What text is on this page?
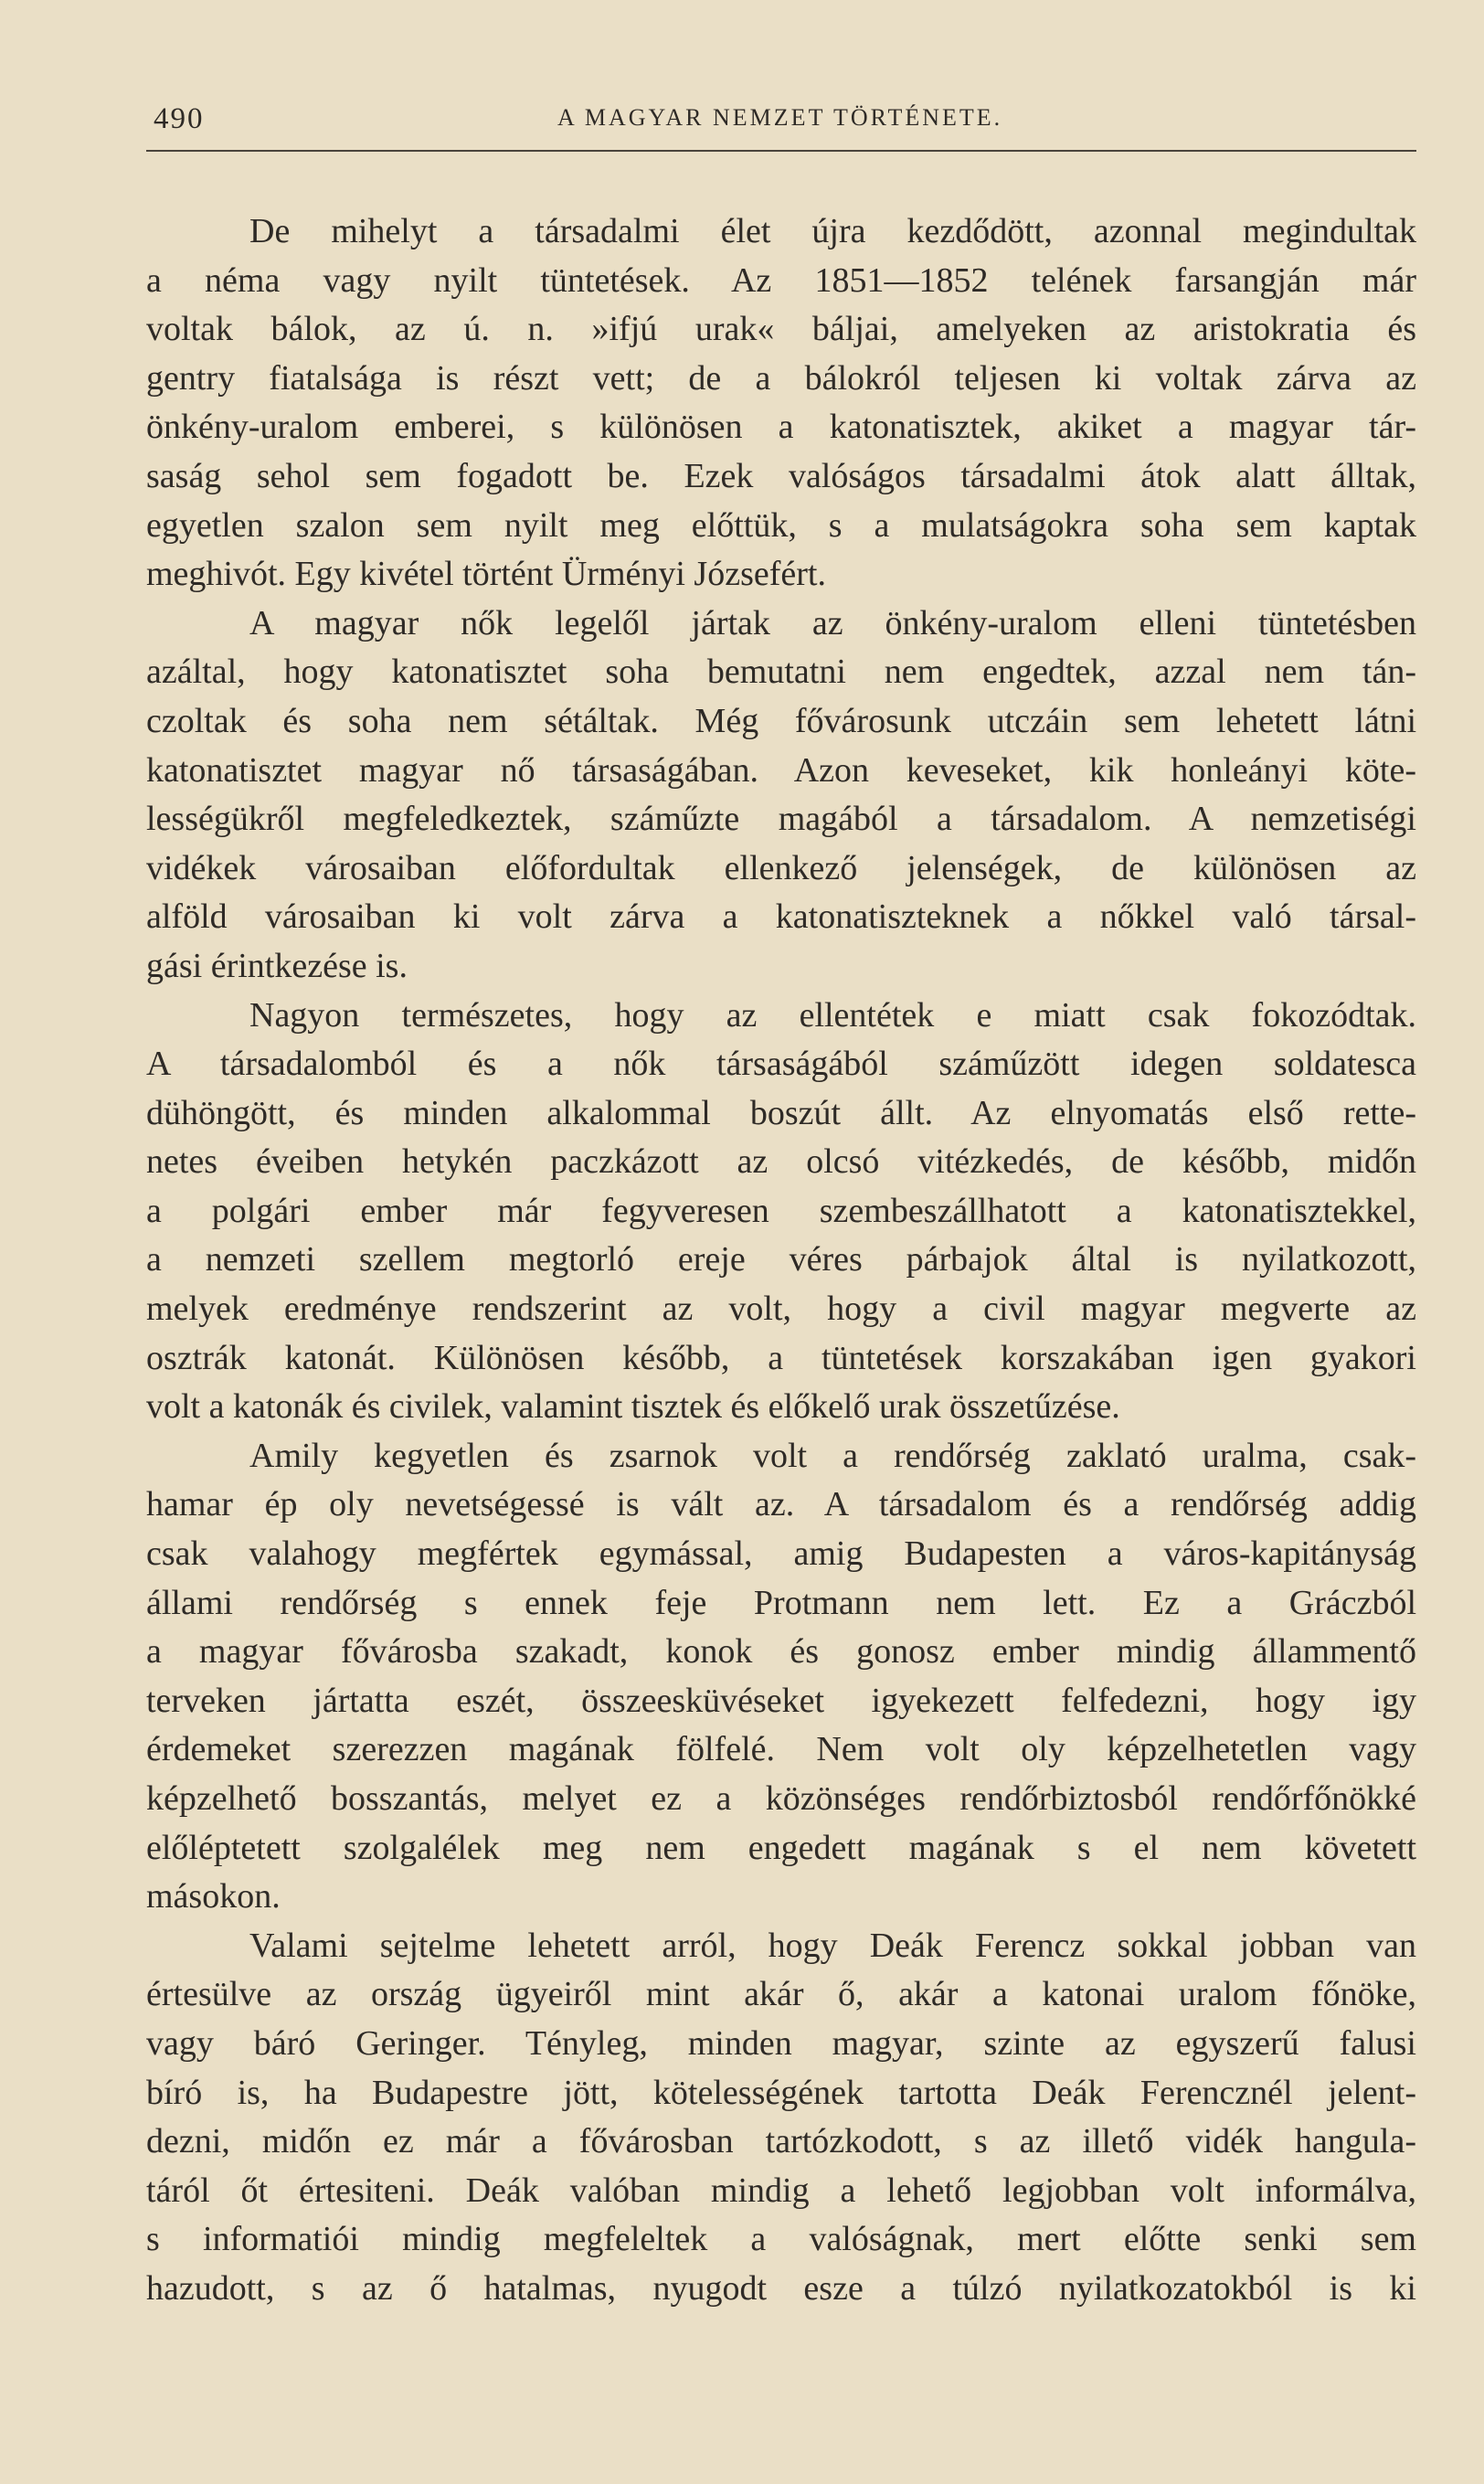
490	A MAGYAR NEMZET TÖRTÉNETE.
De mihelyt a társadalmi élet újra kezdődött, azonnal megindultak
a néma vagy nyilt tüntetések. Az 1851—1852 telének farsangján már
voltak bálok, az ú. n. »ifjú urak« báljai, amelyeken az aristokratia és
gentry fiatalsága is részt vett; de a bálokról teljesen ki voltak zárva az
önkény-uralom emberei, s különösen a katonatisztek, akiket a magyar tár-
saság sehol sem fogadott be. Ezek valóságos társadalmi átok alatt álltak,
egyetlen szalon sem nyilt meg előttük, s a mulatságokra soha sem kaptak
meghivót. Egy kivétel történt Ürményi Józsefért.
A magyar nők legelől jártak az önkény-uralom elleni tüntetésben
azáltal, hogy katonatisztet soha bemutatni nem engedtek, azzal nem tán-
czoltak és soha nem sétáltak. Még fővárosunk utczáin sem lehetett látni
katonatisztet magyar nő társaságában. Azon keveseket, kik honleányi köte-
lességükről megfeledkeztek, száműzte magából a társadalom. A nemzetiségi
vidékek városaiban előfordultak ellenkező jelenségek, de különösen az
alföld városaiban ki volt zárva a katonatiszteknek a nőkkel való társal-
gási érintkezése is.
Nagyon természetes, hogy az ellentétek e miatt csak fokozódtak.
A társadalomból és a nők társaságából száműzött idegen soldatesca
dühöngött, és minden alkalommal boszút állt. Az elnyomatás első rette-
netes éveiben hetykén paczkázott az olcsó vitézkedés, de később, midőn
a polgári ember már fegyveresen szembeszállhatott a katonatisztekkel,
a nemzeti szellem megtorló ereje véres párbajok által is nyilatkozott,
melyek eredménye rendszerint az volt, hogy a civil magyar megverte az
osztrák katonát. Különösen később, a tüntetések korszakában igen gyakori
volt a katonák és civilek, valamint tisztek és előkelő urak összetűzése.
Amily kegyetlen és zsarnok volt a rendőrség zaklató uralma, csak-
hamar ép oly nevetségessé is vált az. A társadalom és a rendőrség addig
csak valahogy megfértek egymással, amig Budapesten a város-kapitányság
állami rendőrség s ennek feje Protmann nem lett. Ez a Gráczból
a magyar fővárosba szakadt, konok és gonosz ember mindig állammentő
terveken jártatta eszét, összeesküvéseket igyekezett felfedezni, hogy igy
érdemeket szerezzen magának fölfelé. Nem volt oly képzelhetetlen vagy
képzelhető bosszantás, melyet ez a közönséges rendőrbiztosból rendőrfőnökké
előléptetett szolgalélek meg nem engedett magának s el nem követett
másokon.
Valami sejtelme lehetett arról, hogy Deák Ferencz sokkal jobban van
értesülve az ország ügyeiről mint akár ő, akár a katonai uralom főnöke,
vagy báró Geringer. Tényleg, minden magyar, szinte az egyszerű falusi
bíró is, ha Budapestre jött, kötelességének tartotta Deák Ferencznél jelent-
dezni, midőn ez már a fővárosban tartózkodott, s az illető vidék hangula-
táról őt értesiteni. Deák valóban mindig a lehető legjobban volt informálva,
s informatiói mindig megfeleltek a valóságnak, mert előtte senki sem
hazudott, s az ő hatalmas, nyugodt esze a túlzó nyilatkozatokból is ki
